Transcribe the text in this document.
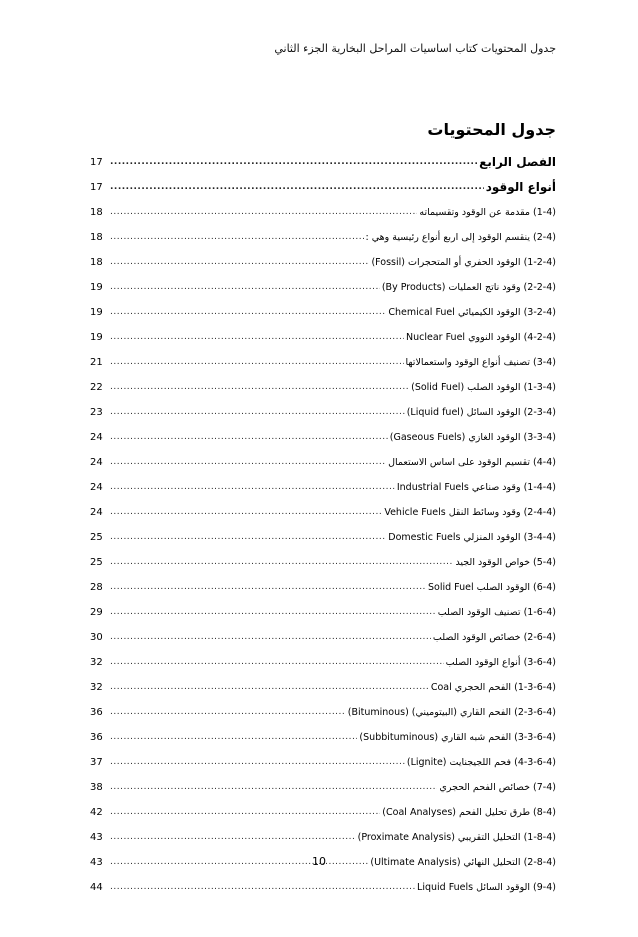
جدول المحتويات كتاب اساسيات المراحل البخارية الجزء الثاني
جدول المحتويات
17 .....	الفصل الرابع
17 .....	أنواع الوقود
18 .....	(1-4) مقدمة عن الوقود وتقسيماته
18 .....	(2-4) ينقسم الوقود إلى اربع أنواع رئيسية وهي :
18 .....	(1-2-4) الوقود الحفري أو المتحجرات (Fossil)
19 .....	(2-2-4) وقود ناتج العمليات (By Products)
19 .....	(3-2-4) الوقود الكيميائي Chemical Fuel
19 .....	(4-2-4) الوقود النووي Nuclear Fuel
21 .....	(3-4) تصنيف أنواع الوقود واستعمالاتها
22 .....	(1-3-4) الوقود الصلب (Solid Fuel)
23 .....	(2-3-4) الوقود السائل (Liquid fuel)
24 .....	(3-3-4) الوقود الغازي (Gaseous Fuels)
24 .....	(4-4) تقسيم الوقود على اساس الاستعمال
24 .....	(1-4-4) وقود صناعي Industrial Fuels
24 .....	(2-4-4) وقود وسائط النقل Vehicle Fuels
25 .....	(3-4-4) الوقود المنزلي Domestic Fuels
25 .....	(5-4) خواص الوقود الجيد
28 .....	(6-4) الوقود الصلب Solid Fuel
29 .....	(1-6-4) تصنيف الوقود الصلب
30 .....	(2-6-4) خصائص الوقود الصلب
32 .....	(3-6-4) أنواع الوقود الصلب
32 .....	(1-3-6-4) الفحم الحجري Coal
36 .....	(2-3-6-4) الفحم القاري (البيتوميني) (Bituminous)
36 .....	(3-3-6-4) الفحم شبه القاري (Subbituminous)
37 .....	(4-3-6-4) فحم اللجيجنايت (Lignite)
38 .....	(7-4) خصائص الفحم الحجري
42 .....	(8-4) طرق تحليل الفحم (Coal Analyses)
43 .....	(1-8-4) التحليل التقريبي (Proximate Analysis)
43 .....	(2-8-4) التحليل النهائي (Ultimate Analysis)
44 .....	(9-4) الوقود السائل Liquid Fuels
10
